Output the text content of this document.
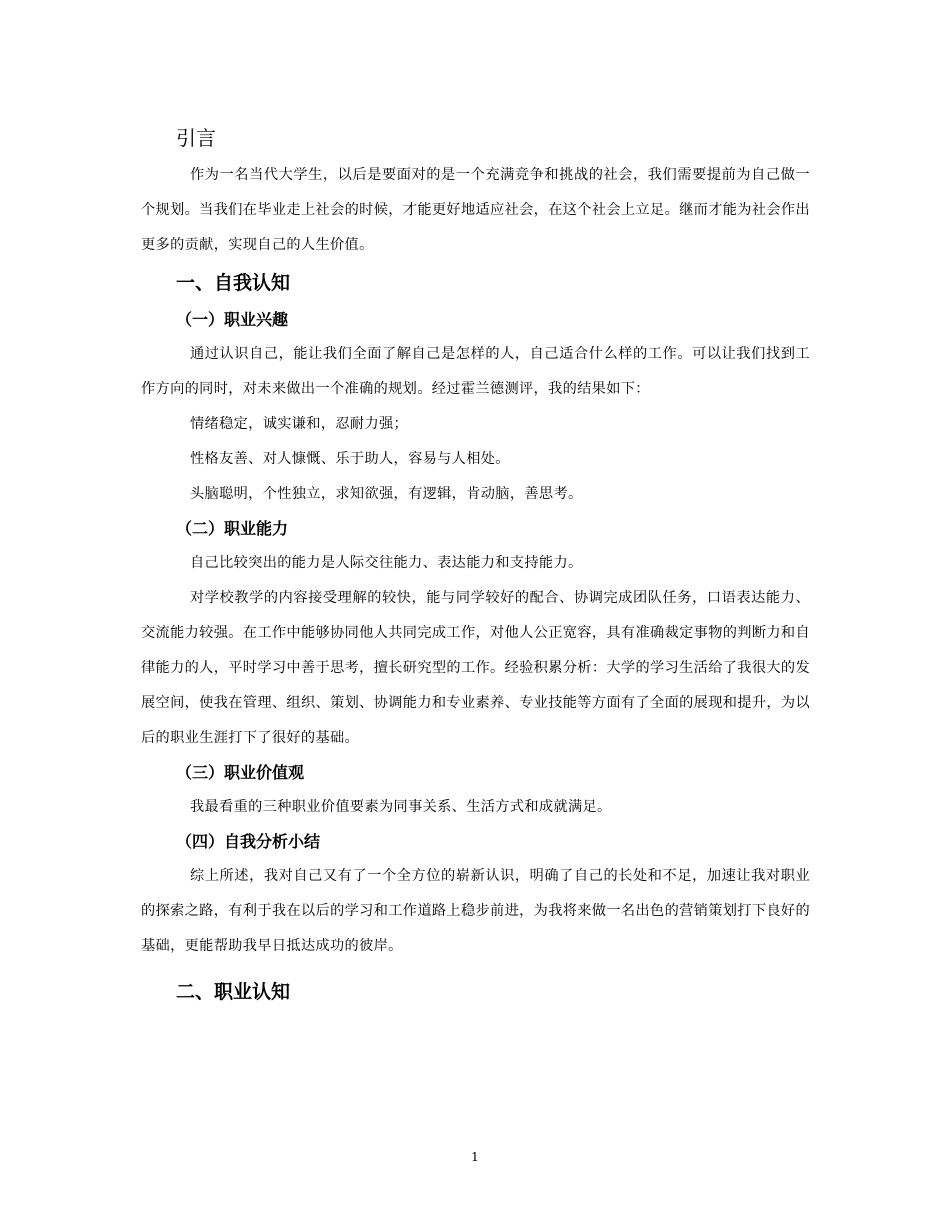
引言

作为一名当代大学生，以后是要面对的是一个充满竞争和挑战的社会，我们需要提前为自己做一个规划。当我们在毕业走上社会的时候，才能更好地适应社会，在这个社会上立足。继而才能为社会作出更多的贡献，实现自己的人生价值。

一、自我认知
（一）职业兴趣

通过认识自己，能让我们全面了解自己是怎样的人，自己适合什么样的工作。可以让我们找到工作方向的同时，对未来做出一个准确的规划。经过霍兰德测评，我的结果如下：

情绪稳定，诚实谦和，忍耐力强；

性格友善、对人慷慨、乐于助人，容易与人相处。

头脑聪明，个性独立，求知欲强，有逻辑，肯动脑，善思考。

（二）职业能力

自己比较突出的能力是人际交往能力、表达能力和支持能力。

对学校教学的内容接受理解的较快，能与同学较好的配合、协调完成团队任务，口语表达能力、交流能力较强。在工作中能够协同他人共同完成工作，对他人公正宽容，具有准确裁定事物的判断力和自律能力的人，平时学习中善于思考，擅长研究型的工作。经验积累分析：大学的学习生活给了我很大的发展空间，使我在管理、组织、策划、协调能力和专业素养、专业技能等方面有了全面的展现和提升，为以后的职业生涯打下了很好的基础。

（三）职业价值观

我最看重的三种职业价值要素为同事关系、生活方式和成就满足。

（四）自我分析小结

综上所述，我对自己又有了一个全方位的崭新认识，明确了自己的长处和不足，加速让我对职业的探索之路，有利于我在以后的学习和工作道路上稳步前进，为我将来做一名出色的营销策划打下良好的基础，更能帮助我早日抵达成功的彼岸。

二、职业认知
1
